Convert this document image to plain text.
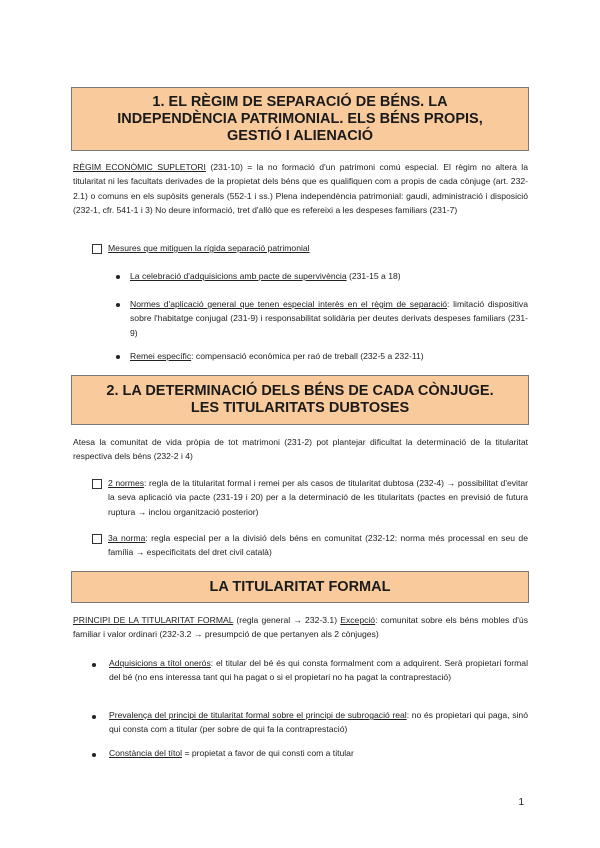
1. EL RÈGIM DE SEPARACIÓ DE BÉNS. LA
INDEPENDÈNCIA PATRIMONIAL. ELS BÉNS PROPIS,
GESTIÓ I ALIENACIÓ
RÈGIM ECONÒMIC SUPLETORI (231-10) = la no formació d'un patrimoni comú especial. El règim no altera la titularitat ni les facultats derivades de la propietat dels béns que es qualifiquen com a propis de cada cònjuge (art. 232-2.1) o comuns en els supòsits generals (552-1 i ss.) Plena independència patrimonial: gaudi, administració i disposició (232-1, cfr. 541-1 i 3) No deure informació, tret d'allò que es refereixi a les despeses familiars (231-7)
Mesures que mitiguen la rígida separació patrimonial
La celebració d'adquisicions amb pacte de supervivència (231-15 a 18)
Normes d'aplicació general que tenen especial interès en el règim de separació: limitació dispositiva sobre l'habitatge conjugal (231-9) i responsabilitat solidària per deutes derivats despeses familiars (231-9)
Remei específic: compensació econòmica per raó de treball (232-5 a 232-11)
2. LA DETERMINACIÓ DELS BÉNS DE CADA CÒNJUGE.
LES TITULARITATS DUBTOSES
Atesa la comunitat de vida pròpia de tot matrimoni (231-2) pot plantejar dificultat la determinació de la titularitat respectiva dels béns (232-2 i 4)
2 normes: regla de la titularitat formal i remei per als casos de titularitat dubtosa (232-4) → possibilitat d'evitar la seva aplicació via pacte (231-19 i 20) per a la determinació de les titularitats (pactes en previsió de futura ruptura → inclou organització posterior)
3a norma: regla especial per a la divisió dels béns en comunitat (232-12: norma més processal en seu de família → especificitats del dret civil català)
LA TITULARITAT FORMAL
PRINCIPI DE LA TITULARITAT FORMAL (regla general → 232-3.1) Excepció: comunitat sobre els béns mobles d'ús familiar i valor ordinari (232-3.2 → presumpció de que pertanyen als 2 cònjuges)
Adquisicions a títol onerós: el titular del bé és qui consta formalment com a adquirent. Serà propietari formal del bé (no ens interessa tant qui ha pagat o si el propietari no ha pagat la contraprestació)
Prevalença del principi de titularitat formal sobre el principi de subrogació real: no és propietari qui paga, sinó qui consta com a titular (per sobre de qui fa la contraprestació)
Constància del títol = propietat a favor de qui consti com a titular
1
